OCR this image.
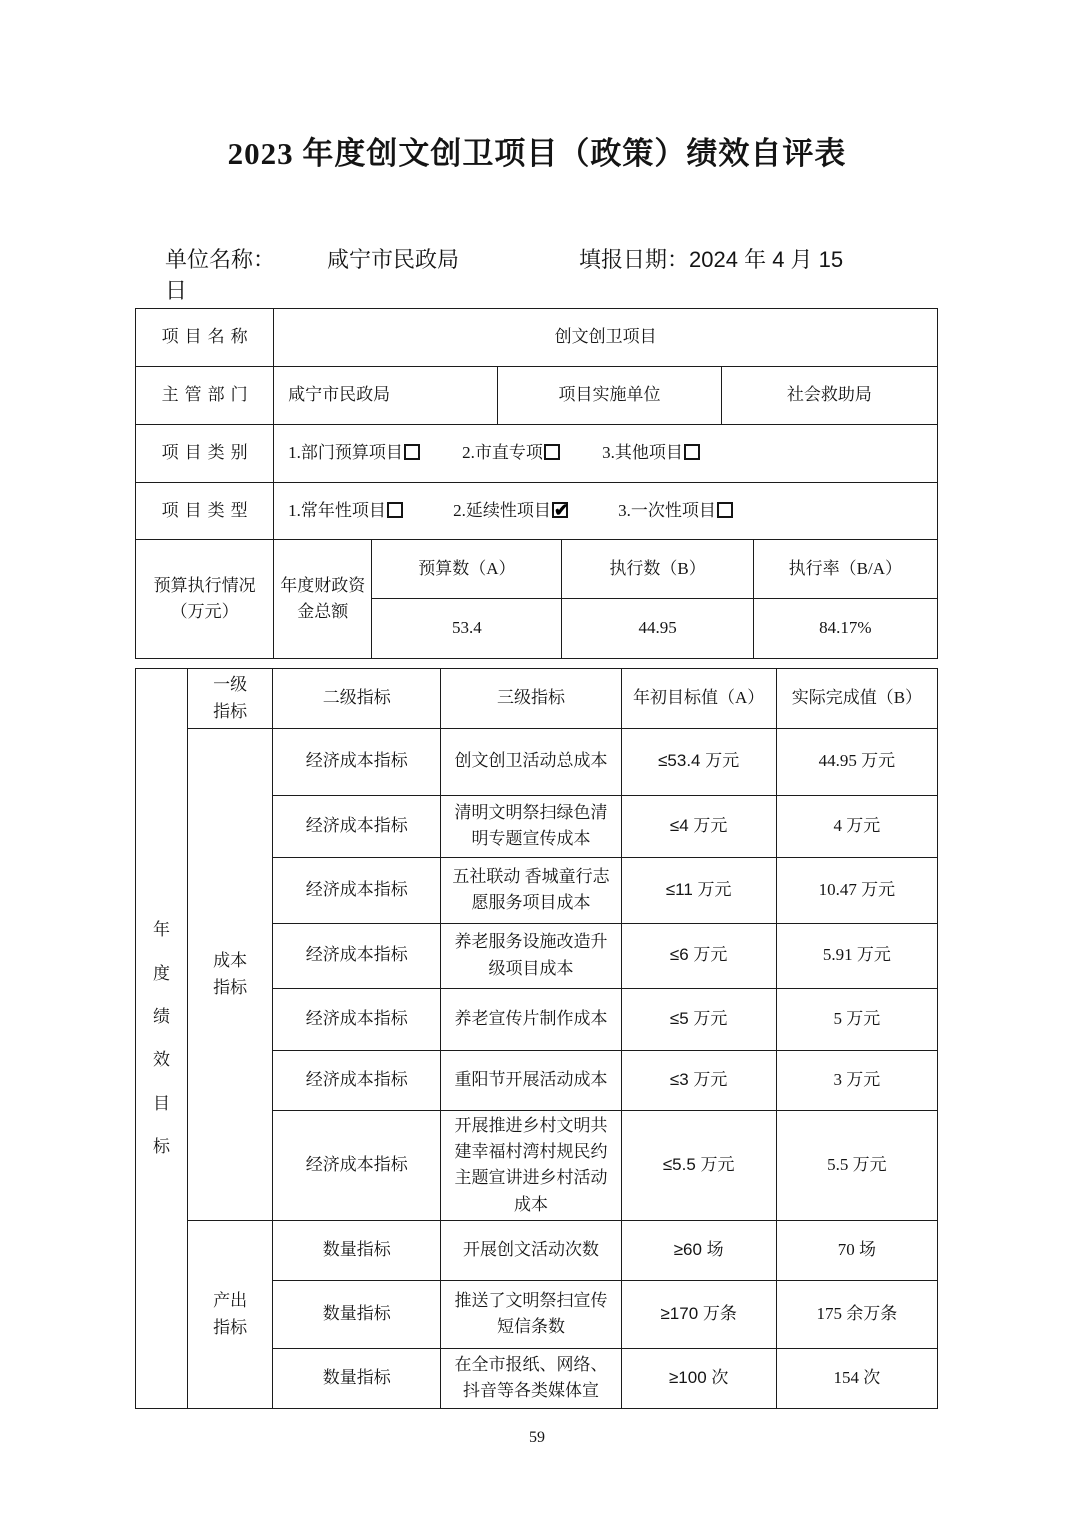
2023 年度创文创卫项目（政策）绩效自评表
单位名称： 咸宁市民政局	填报日期：2024 年 4 月 15
日
项目名称	创文创卫项目					
主管部门	咸宁市民政局		项目实施单位		社会救助局	
项目类别	1.部门预算项目 2.市直专项 3.其他项目					
项目类型	1.常年性项目 2.延续性项目 ✔ 3.一次性项目

预算执行情况
（万元）	年度财政资金总额	预算数（A）		执行数（B）		执行率（B/A）
		53.4		44.95		84.17%
年度绩效目标	一级指标	二级指标	三级指标	年初目标值（A）	实际完成值（B）
	成本指标	经济成本指标	创文创卫活动总成本	≤53.4 万元	44.95 万元
		经济成本指标	清明文明祭扫绿色清明专题宣传成本	≤4 万元	4 万元
		经济成本指标	五社联动 香城童行志愿服务项目成本	≤11 万元	10.47 万元
		经济成本指标	养老服务设施改造升级项目成本	≤6 万元	5.91 万元
		经济成本指标	养老宣传片制作成本	≤5 万元	5 万元
		经济成本指标	重阳节开展活动成本	≤3 万元	3 万元
		经济成本指标	开展推进乡村文明共建幸福村湾村规民约主题宣讲进乡村活动成本	≤5.5 万元	5.5 万元
	产出指标	数量指标	开展创文活动次数	≥60 场	70 场
		数量指标	推送了文明祭扫宣传短信条数	≥170 万条	175 余万条
		数量指标	在全市报纸、网络、抖音等各类媒体宣	≥100 次	154 次
59
